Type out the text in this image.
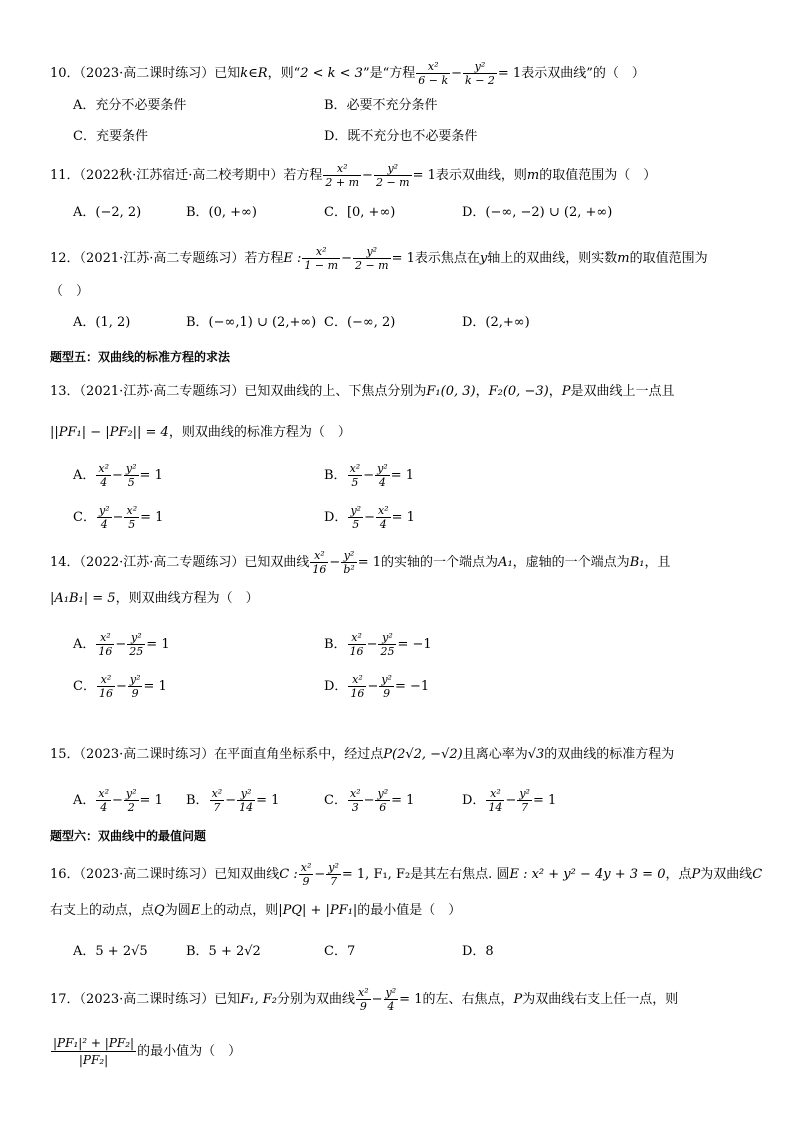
10．（2023·高二课时练习）已知k∈R，则“2 < k < 3”是“方程 $\frac{\text{x²}}{6 - k} - \frac{\text{y²}}{k - 2} = 1$表示双曲线”的（　）
A．充分不必要条件	B．必要不充分条件
C．充要条件	D．既不充分也不必要条件
11．（2022秋·江苏宿迁·高二校考期中）若方程 $\frac{\text{x²}}{2 + m} - \frac{\text{y²}}{2 - m} = 1$表示双曲线，则m的取值范围为（　）
A．(−2, 2)	B．(0, +∞)	C．[0, +∞)	D．(−∞, −2) ∪ (2, +∞)
12．（2021·江苏·高二专题练习）若方程E : $\frac{\text{x²}}{1 - m} - \frac{\text{y²}}{2 - m} = 1$表示焦点在y轴上的双曲线，则实数m的取值范围为
（　）
A．(1, 2)	B．(−∞,1) ∪ (2,+∞) C．(−∞, 2)	D．(2,+∞)
题型五：双曲线的标准方程的求法
13．（2021·江苏·高二专题练习）已知双曲线的上、下焦点分别为F₁(0, 3)，F₂(0, −3)，P是双曲线上一点且
||PF₁| − |PF₂|| = 4，则双曲线的标准方程为（　）
A． $\frac{\text{x²}}{4} - \frac{\text{y²}}{5} = 1$	B． $\frac{\text{x²}}{5} - \frac{\text{y²}}{4} = 1$
C． $\frac{\text{y²}}{4} - \frac{\text{x²}}{5} = 1$	D． $\frac{\text{y²}}{5} - \frac{\text{x²}}{4} = 1$
14．（2022·江苏·高二专题练习）已知双曲线 $\frac{\text{x²}}{16} - \frac{\text{y²}}{\text{b²}} = 1$的实轴的一个端点为A₁，虚轴的一个端点为B₁，且
|A₁B₁| = 5，则双曲线方程为（　）
A． $\frac{\text{x²}}{16} - \frac{\text{y²}}{25} = 1$	B． $\frac{\text{x²}}{16} - \frac{\text{y²}}{25} = -1$
C． $\frac{\text{x²}}{16} - \frac{\text{y²}}{9} = 1$	D． $\frac{\text{x²}}{16} - \frac{\text{y²}}{9} = -1$
15．（2023·高二课时练习）在平面直角坐标系中，经过点P(2√2, −√2)且离心率为√3的双曲线的标准方程为
A． $\frac{\text{x²}}{4} - \frac{\text{y²}}{2} = 1$ B． $\frac{\text{x²}}{7} - \frac{\text{y²}}{14} = 1$	C． $\frac{\text{x²}}{3} - \frac{\text{y²}}{6} = 1$	D． $\frac{\text{x²}}{14} - \frac{\text{y²}}{7} = 1$
题型六：双曲线中的最值问题
16．（2023·高二课时练习）已知双曲线C : $\frac{\text{x²}}{9} - \frac{\text{y²}}{7} = 1$, F₁, F₂是其左右焦点. 圆E : x² + y² − 4y + 3 = 0，点P为双曲线C
右支上的动点，点Q为圆E上的动点，则|PQ| + |PF₁|的最小值是（　）
A．5 + 2√5	B．5 + 2√2	C．7	D．8
17．（2023·高二课时练习）已知F₁, F₂分别为双曲线 $\frac{\text{x²}}{9} - \frac{\text{y²}}{4} = 1$的左、右焦点，P为双曲线右支上任一点，则
$\frac{\text{|PF₁|² + |PF₂|}}{\text{|PF₂|}}$ 的最小值为（　）
